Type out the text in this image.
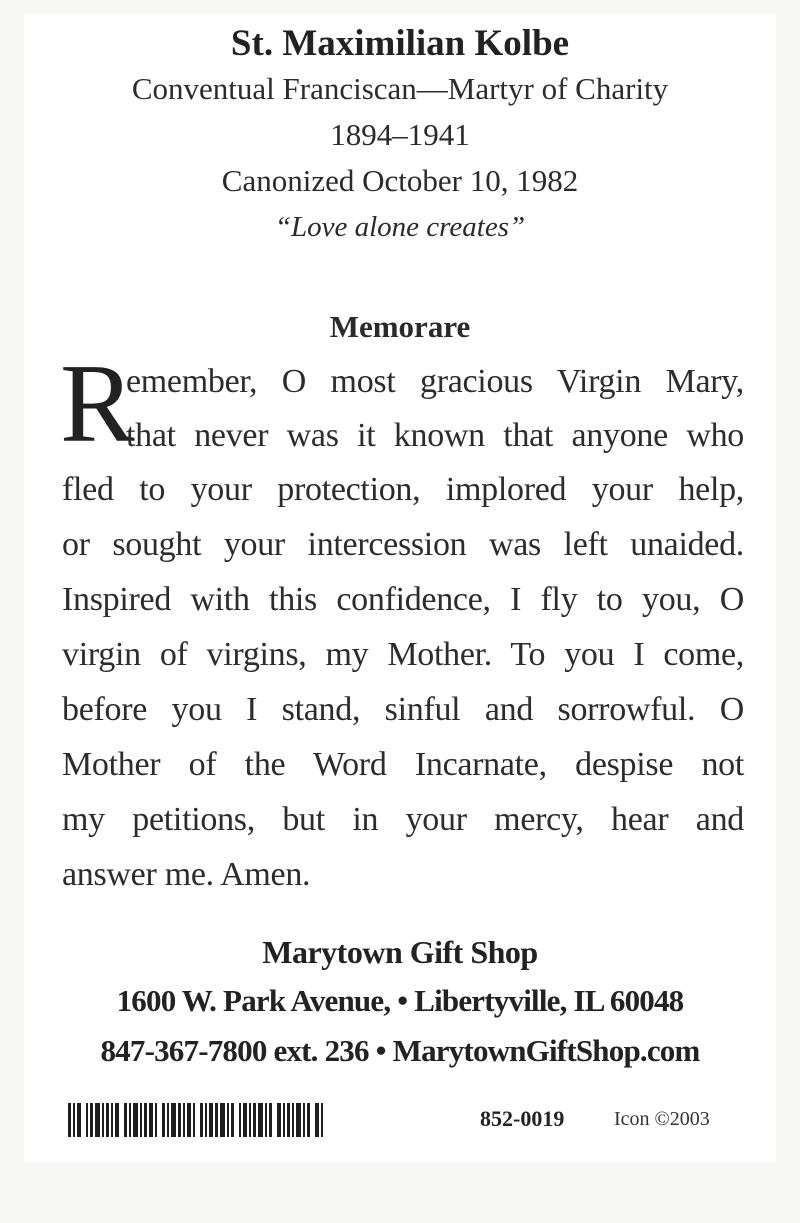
St. Maximilian Kolbe
Conventual Franciscan—Martyr of Charity
1894–1941
Canonized October 10, 1982
“Love alone creates”
Memorare
R
emember, O most gracious Virgin Mary,
that never was it known that anyone who
fled to your protection, implored your help,
or sought your intercession was left unaided.
Inspired with this confidence, I fly to you, O
virgin of virgins, my Mother. To you I come,
before you I stand, sinful and sorrowful. O
Mother of the Word Incarnate, despise not
my petitions, but in your mercy, hear and
answer me. Amen.
Marytown Gift Shop
1600 W. Park Avenue, • Libertyville, IL 60048
847-367-7800 ext. 236 • MarytownGiftShop.com
852-0019 Icon ©2003
